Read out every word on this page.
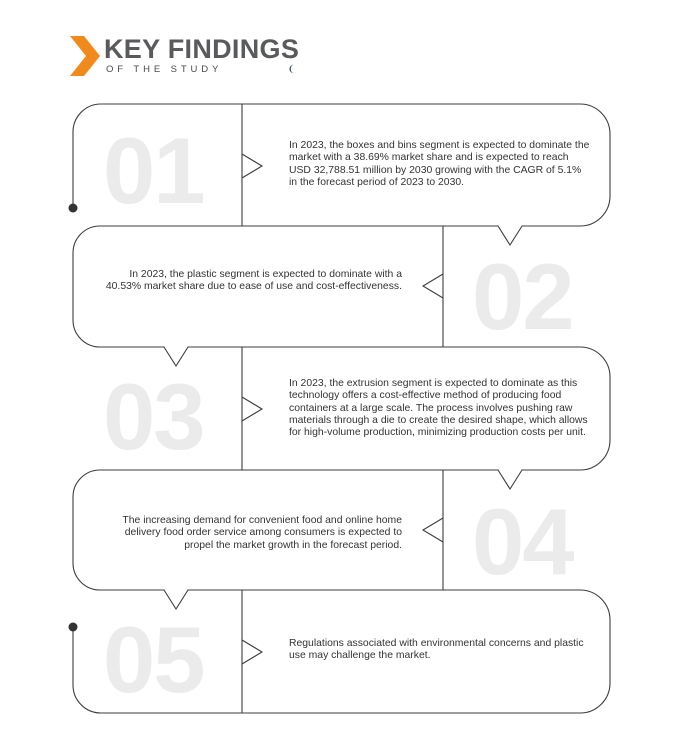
KEY FINDINGS
OF THE STUDY
01
02
03
04
05
In 2023, the boxes and bins segment is expected to dominate the market with a 38.69% market share and is expected to reach USD 32,788.51 million by 2030 growing with the CAGR of 5.1% in the forecast period of 2023 to 2030.
In 2023, the plastic segment is expected to dominate with a 40.53% market share due to ease of use and cost-effectiveness.
In 2023, the extrusion segment is expected to dominate as this technology offers a cost-effective method of producing food containers at a large scale. The process involves pushing raw materials through a die to create the desired shape, which allows for high-volume production, minimizing production costs per unit.
The increasing demand for convenient food and online home delivery food order service among consumers is expected to propel the market growth in the forecast period.
Regulations associated with environmental concerns and plastic use may challenge the market.
